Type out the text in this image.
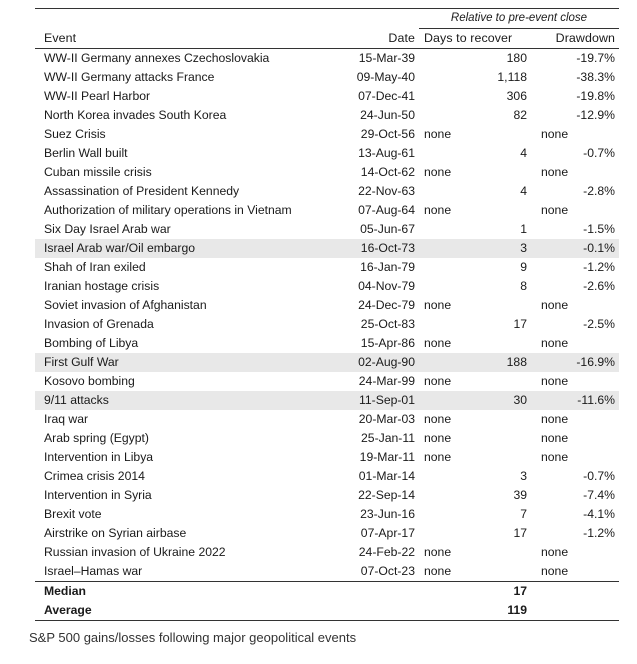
		Relative to pre-event close	
Event	Date	Days to recover	Drawdown
WW-II Germany annexes Czechoslovakia	15-Mar-39	180	-19.7%
WW-II Germany attacks France	09-May-40	1,118	-38.3%
WW-II Pearl Harbor	07-Dec-41	306	-19.8%
North Korea invades South Korea	24-Jun-50	82	-12.9%
Suez Crisis	29-Oct-56	none	none
Berlin Wall built	13-Aug-61	4	-0.7%
Cuban missile crisis	14-Oct-62	none	none
Assassination of President Kennedy	22-Nov-63	4	-2.8%
Authorization of military operations in Vietnam	07-Aug-64	none	none
Six Day Israel Arab war	05-Jun-67	1	-1.5%
Israel Arab war/Oil embargo	16-Oct-73	3	-0.1%
Shah of Iran exiled	16-Jan-79	9	-1.2%
Iranian hostage crisis	04-Nov-79	8	-2.6%
Soviet invasion of Afghanistan	24-Dec-79	none	none
Invasion of Grenada	25-Oct-83	17	-2.5%
Bombing of Libya	15-Apr-86	none	none
First Gulf War	02-Aug-90	188	-16.9%
Kosovo bombing	24-Mar-99	none	none
9/11 attacks	11-Sep-01	30	-11.6%
Iraq war	20-Mar-03	none	none
Arab spring (Egypt)	25-Jan-11	none	none
Intervention in Libya	19-Mar-11	none	none
Crimea crisis 2014	01-Mar-14	3	-0.7%
Intervention in Syria	22-Sep-14	39	-7.4%
Brexit vote	23-Jun-16	7	-4.1%
Airstrike on Syrian airbase	07-Apr-17	17	-1.2%
Russian invasion of Ukraine 2022	24-Feb-22	none	none
Israel–Hamas war	07-Oct-23	none	none
Median		17	
Average		119	
S&P 500 gains/losses following major geopolitical events
